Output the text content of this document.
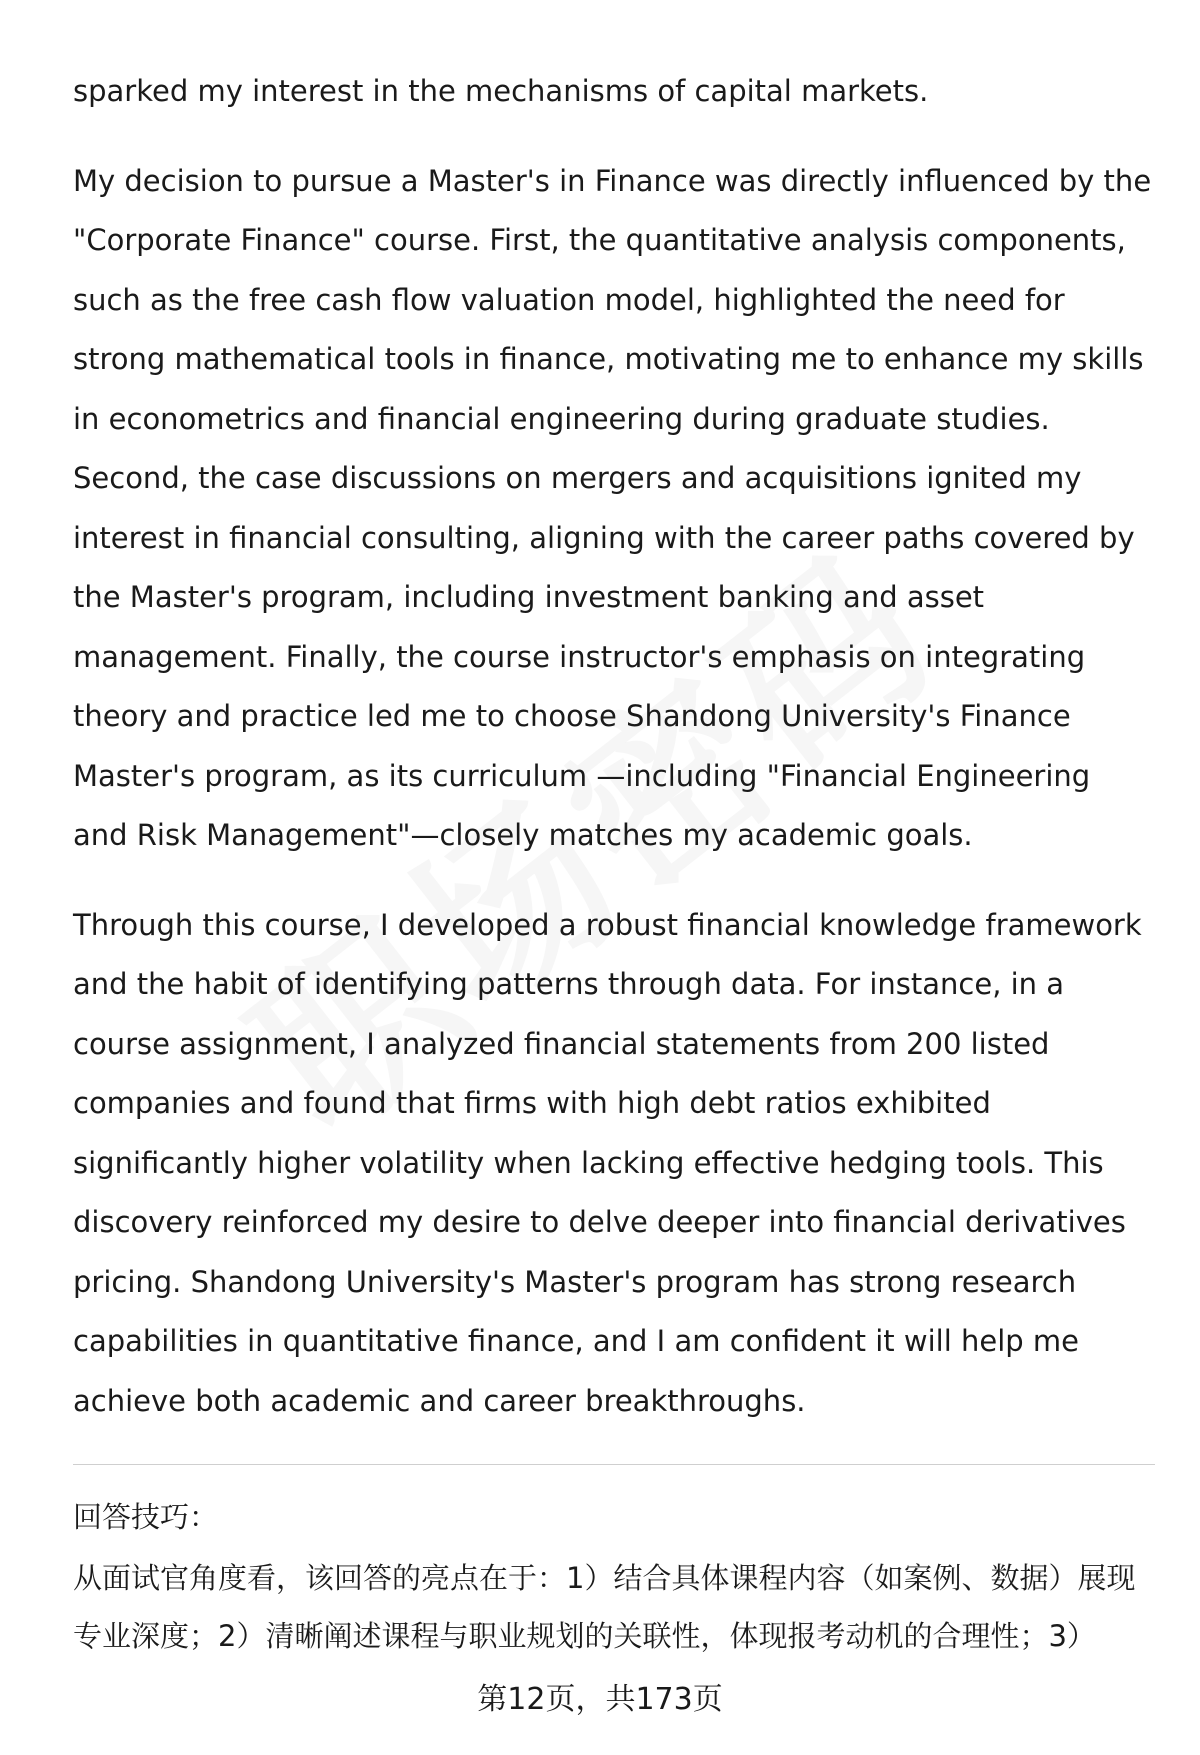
sparked my interest in the mechanisms of capital markets.

My decision to pursue a Master's in Finance was directly influenced by the "Corporate Finance" course. First, the quantitative analysis components, such as the free cash flow valuation model, highlighted the need for strong mathematical tools in finance, motivating me to enhance my skills in econometrics and financial engineering during graduate studies. Second, the case discussions on mergers and acquisitions ignited my interest in financial consulting, aligning with the career paths covered by the Master's program, including investment banking and asset management. Finally, the course instructor's emphasis on integrating theory and practice led me to choose Shandong University's Finance Master's program, as its curriculum —including "Financial Engineering and Risk Management"—closely matches my academic goals.

Through this course, I developed a robust financial knowledge framework and the habit of identifying patterns through data. For instance, in a course assignment, I analyzed financial statements from 200 listed companies and found that firms with high debt ratios exhibited significantly higher volatility when lacking effective hedging tools. This discovery reinforced my desire to delve deeper into financial derivatives pricing. Shandong University's Master's program has strong research capabilities in quantitative finance, and I am confident it will help me achieve both academic and career breakthroughs.

回答技巧：

从面试官角度看，该回答的亮点在于：1）结合具体课程内容（如案例、数据）展现专业深度；2）清晰阐述课程与职业规划的关联性，体现报考动机的合理性；3）

第12页，共173页
